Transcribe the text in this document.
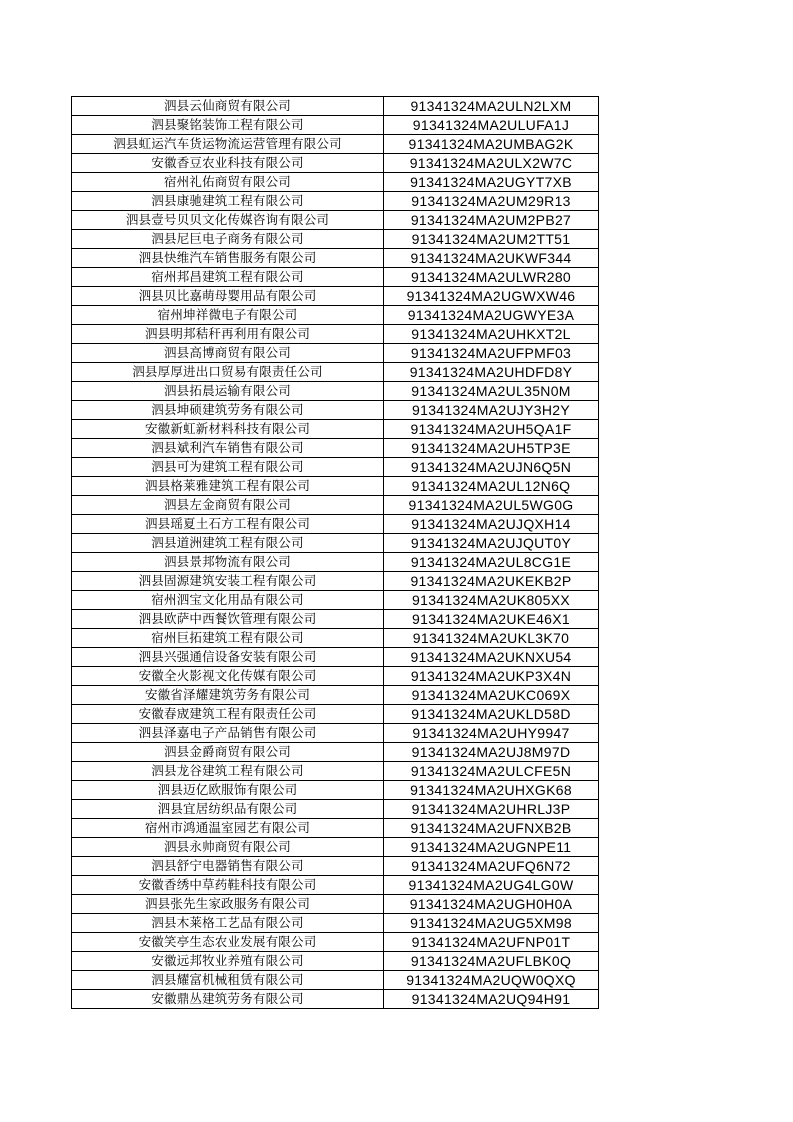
泗县云仙商贸有限公司	91341324MA2ULN2LXM
泗县聚铭装饰工程有限公司	91341324MA2ULUFA1J
泗县虹运汽车货运物流运营管理有限公司	91341324MA2UMBAG2K
安徽香豆农业科技有限公司	91341324MA2ULX2W7C
宿州礼佑商贸有限公司	91341324MA2UGYT7XB
泗县康驰建筑工程有限公司	91341324MA2UM29R13
泗县壹号贝贝文化传媒咨询有限公司	91341324MA2UM2PB27
泗县尼巨电子商务有限公司	91341324MA2UM2TT51
泗县快维汽车销售服务有限公司	91341324MA2UKWF344
宿州邦昌建筑工程有限公司	91341324MA2ULWR280
泗县贝比嘉萌母婴用品有限公司	91341324MA2UGWXW46
宿州坤祥微电子有限公司	91341324MA2UGWYE3A
泗县明邦秸秆再利用有限公司	91341324MA2UHKXT2L
泗县高博商贸有限公司	91341324MA2UFPMF03
泗县厚厚进出口贸易有限责任公司	91341324MA2UHDFD8Y
泗县拓晨运输有限公司	91341324MA2UL35N0M
泗县坤硕建筑劳务有限公司	91341324MA2UJY3H2Y
安徽新虹新材料科技有限公司	91341324MA2UH5QA1F
泗县斌利汽车销售有限公司	91341324MA2UH5TP3E
泗县可为建筑工程有限公司	91341324MA2UJN6Q5N
泗县格莱雅建筑工程有限公司	91341324MA2UL12N6Q
泗县左金商贸有限公司	91341324MA2UL5WG0G
泗县瑶夏土石方工程有限公司	91341324MA2UJQXH14
泗县道洲建筑工程有限公司	91341324MA2UJQUT0Y
泗县景邦物流有限公司	91341324MA2UL8CG1E
泗县固源建筑安装工程有限公司	91341324MA2UKEKB2P
宿州泗宝文化用品有限公司	91341324MA2UK805XX
泗县欧萨中西餐饮管理有限公司	91341324MA2UKE46X1
宿州巨拓建筑工程有限公司	91341324MA2UKL3K70
泗县兴强通信设备安装有限公司	91341324MA2UKNXU54
安徽全火影视文化传媒有限公司	91341324MA2UKP3X4N
安徽省泽耀建筑劳务有限公司	91341324MA2UKC069X
安徽春宬建筑工程有限责任公司	91341324MA2UKLD58D
泗县泽嘉电子产品销售有限公司	91341324MA2UHY9947
泗县金爵商贸有限公司	91341324MA2UJ8M97D
泗县龙谷建筑工程有限公司	91341324MA2ULCFE5N
泗县迈亿欧服饰有限公司	91341324MA2UHXGK68
泗县宜居纺织品有限公司	91341324MA2UHRLJ3P
宿州市鸿通温室园艺有限公司	91341324MA2UFNXB2B
泗县永帅商贸有限公司	91341324MA2UGNPE11
泗县舒宁电器销售有限公司	91341324MA2UFQ6N72
安徽香绣中草药鞋科技有限公司	91341324MA2UG4LG0W
泗县张先生家政服务有限公司	91341324MA2UGH0H0A
泗县木莱格工艺品有限公司	91341324MA2UG5XM98
安徽笑亭生态农业发展有限公司	91341324MA2UFNP01T
安徽远邦牧业养殖有限公司	91341324MA2UFLBK0Q
泗县耀富机械租赁有限公司	91341324MA2UQW0QXQ
安徽鼎丛建筑劳务有限公司	91341324MA2UQ94H91
